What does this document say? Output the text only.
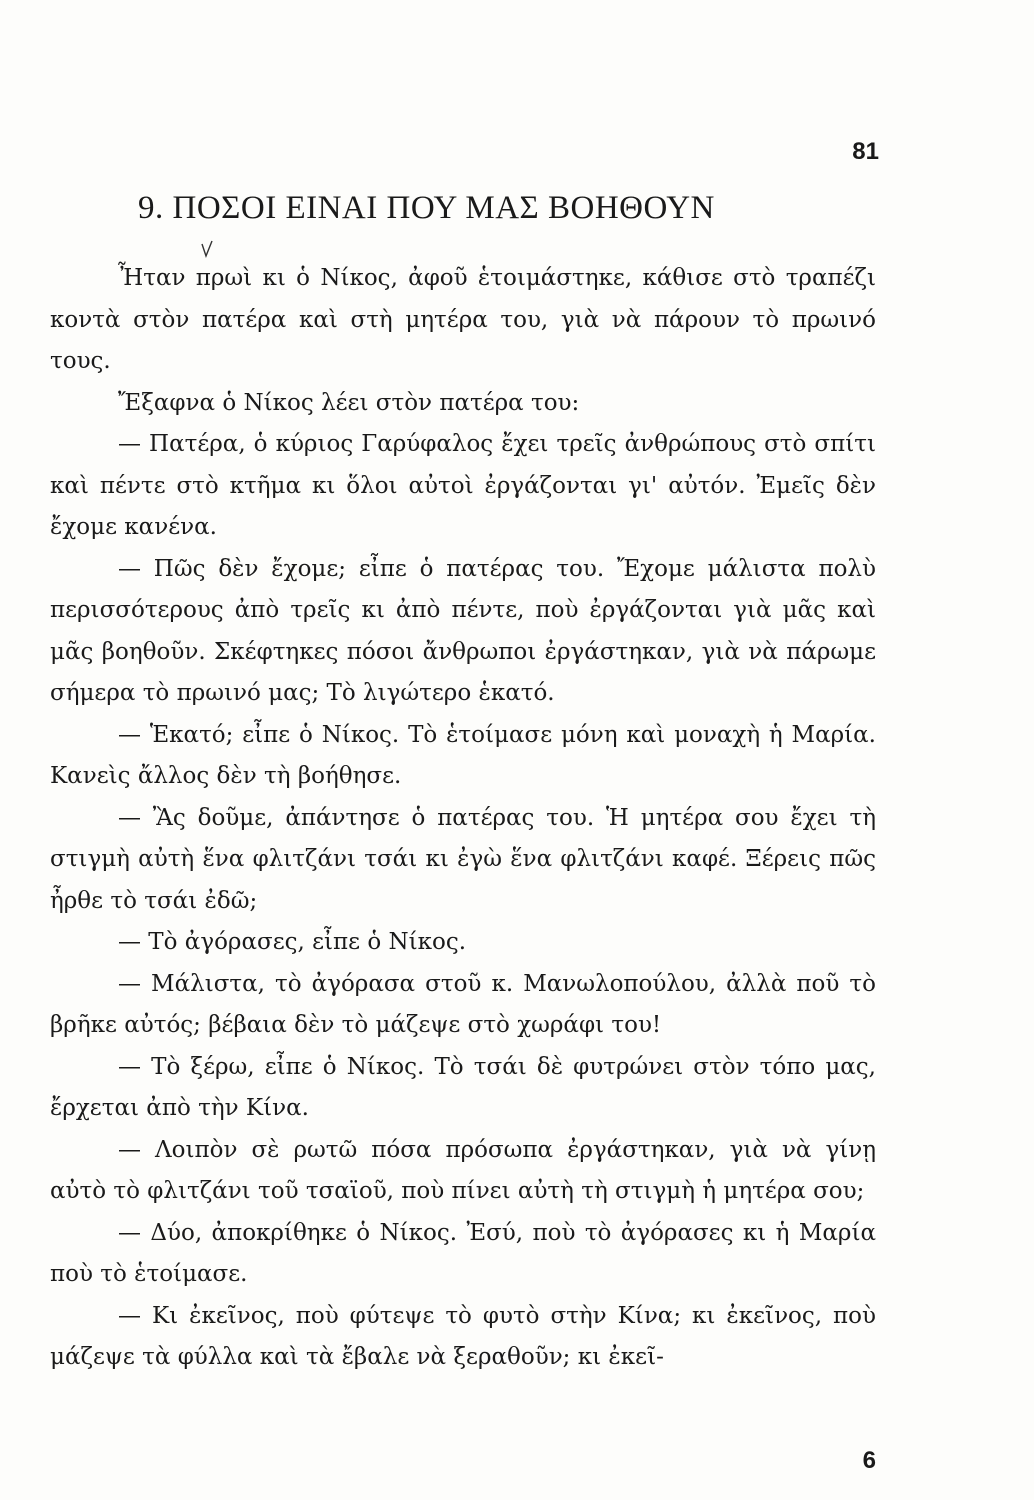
81
9. ΠΟΣΟΙ ΕΙΝΑΙ ΠΟΥ ΜΑΣ ΒΟΗΘΟΥΝ

Ἦταν πρωὶ κι ὁ Νίκος, ἀφοῦ ἑτοιμάστηκε, κάθισε στὸ τραπέζι κοντὰ στὸν πατέρα καὶ στὴ μητέρα του, γιὰ νὰ πάρουν τὸ πρωινό τους.

Ἔξαφνα ὁ Νίκος λέει στὸν πατέρα του:

— Πατέρα, ὁ κύριος Γαρύφαλος ἔχει τρεῖς ἀνθρώπους στὸ σπίτι καὶ πέντε στὸ κτῆμα κι ὅλοι αὐτοὶ ἐργάζονται γι' αὐτόν. Ἐμεῖς δὲν ἔχομε κανένα.

— Πῶς δὲν ἔχομε; εἶπε ὁ πατέρας του. Ἔχομε μάλιστα πολὺ περισσότερους ἀπὸ τρεῖς κι ἀπὸ πέντε, ποὺ ἐργάζονται γιὰ μᾶς καὶ μᾶς βοηθοῦν. Σκέφτηκες πόσοι ἄνθρωποι ἐργάστηκαν, γιὰ νὰ πάρωμε σήμερα τὸ πρωινό μας; Τὸ λιγώτερο ἑκατό.

— Ἑκατό; εἶπε ὁ Νίκος. Τὸ ἑτοίμασε μόνη καὶ μοναχὴ ἡ Μαρία. Κανεὶς ἄλλος δὲν τὴ βοήθησε.

— Ἂς δοῦμε, ἀπάντησε ὁ πατέρας του. Ἡ μητέρα σου ἔχει τὴ στιγμὴ αὐτὴ ἕνα φλιτζάνι τσάι κι ἐγὼ ἕνα φλιτζάνι καφέ. Ξέρεις πῶς ἦρθε τὸ τσάι ἐδῶ;

— Τὸ ἀγόρασες, εἶπε ὁ Νίκος.

— Μάλιστα, τὸ ἀγόρασα στοῦ κ. Μανωλοπούλου, ἀλλὰ ποῦ τὸ βρῆκε αὐτός; βέβαια δὲν τὸ μάζεψε στὸ χωράφι του!

— Τὸ ξέρω, εἶπε ὁ Νίκος. Τὸ τσάι δὲ φυτρώνει στὸν τόπο μας, ἔρχεται ἀπὸ τὴν Κίνα.

— Λοιπὸν σὲ ρωτῶ πόσα πρόσωπα ἐργάστηκαν, γιὰ νὰ γίνῃ αὐτὸ τὸ φλιτζάνι τοῦ τσαϊοῦ, ποὺ πίνει αὐτὴ τὴ στιγμὴ ἡ μητέρα σου;

— Δύο, ἀποκρίθηκε ὁ Νίκος. Ἐσύ, ποὺ τὸ ἀγόρασες κι ἡ Μαρία ποὺ τὸ ἑτοίμασε.

— Κι ἐκεῖνος, ποὺ φύτεψε τὸ φυτὸ στὴν Κίνα; κι ἐκεῖνος, ποὺ μάζεψε τὰ φύλλα καὶ τὰ ἔβαλε νὰ ξεραθοῦν; κι ἐκεῖ-

6
